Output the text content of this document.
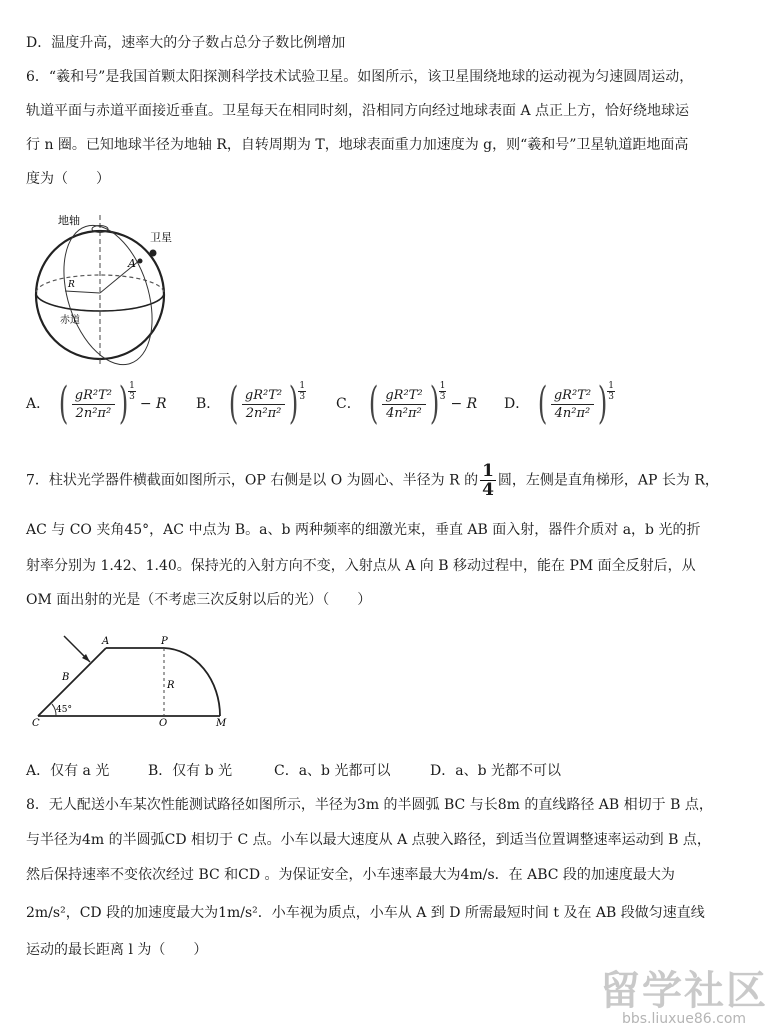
D．温度升高，速率大的分子数占总分子数比例增加
6．“羲和号”是我国首颗太阳探测科学技术试验卫星。如图所示，该卫星围绕地球的运动视为匀速圆周运动，
轨道平面与赤道平面接近垂直。卫星每天在相同时刻，沿相同方向经过地球表面 A 点正上方，恰好绕地球运
行 n 圈。已知地球半径为地轴 R，自转周期为 T，地球表面重力加速度为 g，则“羲和号”卫星轨道距地面高
度为（　　）
地轴
卫星
A
R
赤道
A． ( $\frac{\text{gR²T²}}{\text{2n²π²}}$ ) $\frac{1}{3}$
− R B． ( $\frac{\text{gR²T²}}{\text{2n²π²}}$ ) $\frac{1}{3}$
C． ( $\frac{\text{gR²T²}}{\text{4n²π²}}$ ) $\frac{1}{3}$
− R D． ( $\frac{\text{gR²T²}}{\text{4n²π²}}$ ) $\frac{1}{3}$
7．柱状光学器件横截面如图所示，OP 右侧是以 O 为圆心、半径为 R 的 $\frac{1}{4}$ 圆，左侧是直角梯形，AP 长为 R，
AC 与 CO 夹角45°，AC 中点为 B。a、b 两种频率的细激光束，垂直 AB 面入射，器件介质对 a，b 光的折
射率分别为 1.42、1.40。保持光的入射方向不变，入射点从 A 向 B 移动过程中，能在 PM 面全反射后，从
OM 面出射的光是（不考虑三次反射以后的光）（　　）
A	P
B
R
C
45°
O	M
A．仅有 a 光	B．仅有 b 光	C．a、b 光都可以	D．a、b 光都不可以
8．无人配送小车某次性能测试路径如图所示，半径为3m 的半圆弧 BC 与长8m 的直线路径 AB 相切于 B 点，
与半径为4m 的半圆弧CD 相切于 C 点。小车以最大速度从 A 点驶入路径，到适当位置调整速率运动到 B 点，
然后保持速率不变依次经过 BC 和CD 。为保证安全，小车速率最大为4m/s．在 ABC 段的加速度最大为
2m/s²，CD 段的加速度最大为1m/s²．小车视为质点，小车从 A 到 D 所需最短时间 t 及在 AB 段做匀速直线
运动的最长距离 l 为（　　）
留学社区
bbs.liuxue86.com
